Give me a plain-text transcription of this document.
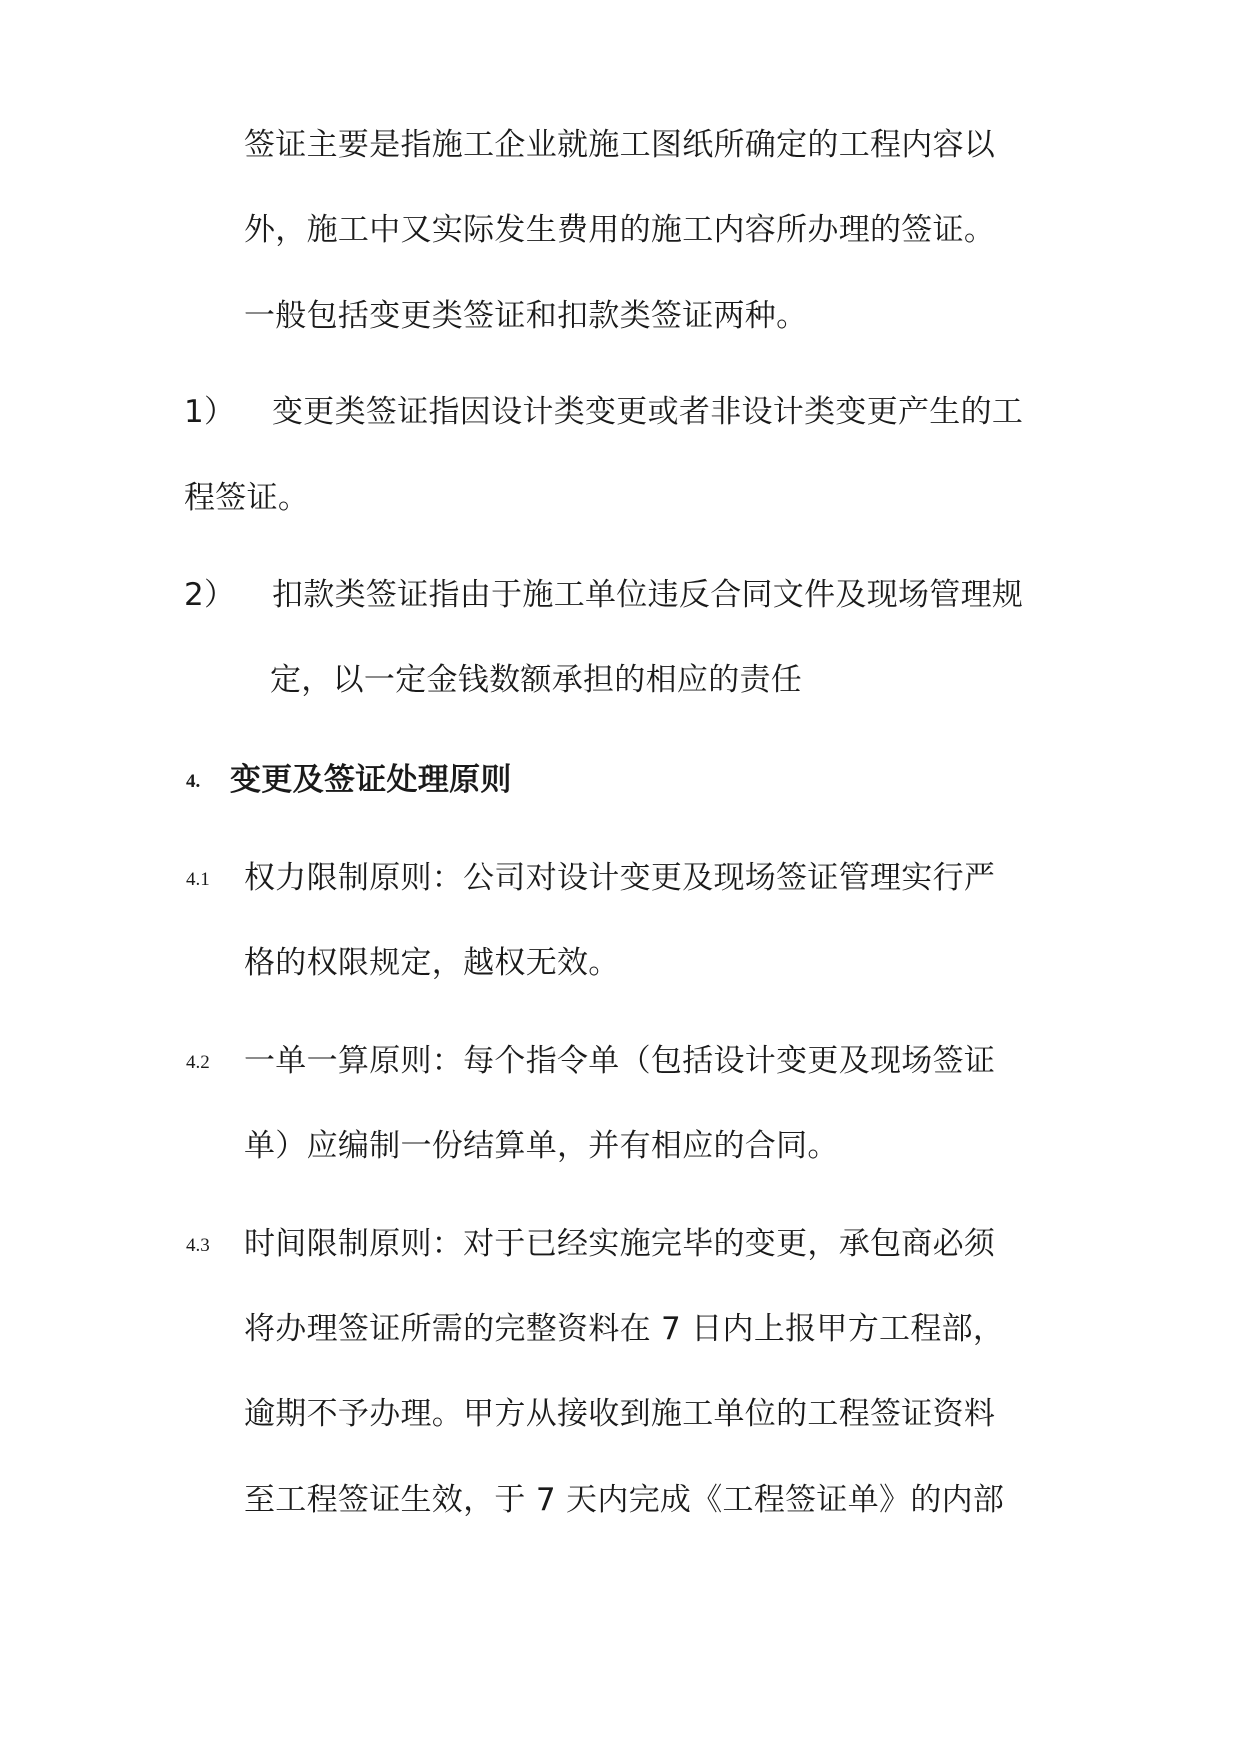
签证主要是指施工企业就施工图纸所确定的工程内容以
外，施工中又实际发生费用的施工内容所办理的签证。
一般包括变更类签证和扣款类签证两种。
1） 变更类签证指因设计类变更或者非设计类变更产生的工
程签证。
2） 扣款类签证指由于施工单位违反合同文件及现场管理规
定，以一定金钱数额承担的相应的责任
4. 变更及签证处理原则
4.1 权力限制原则：公司对设计变更及现场签证管理实行严
格的权限规定，越权无效。
4.2 一单一算原则：每个指令单（包括设计变更及现场签证
单）应编制一份结算单，并有相应的合同。
4.3 时间限制原则：对于已经实施完毕的变更，承包商必须
将办理签证所需的完整资料在 7 日内上报甲方工程部，
逾期不予办理。甲方从接收到施工单位的工程签证资料
至工程签证生效，于 7 天内完成《工程签证单》的内部
